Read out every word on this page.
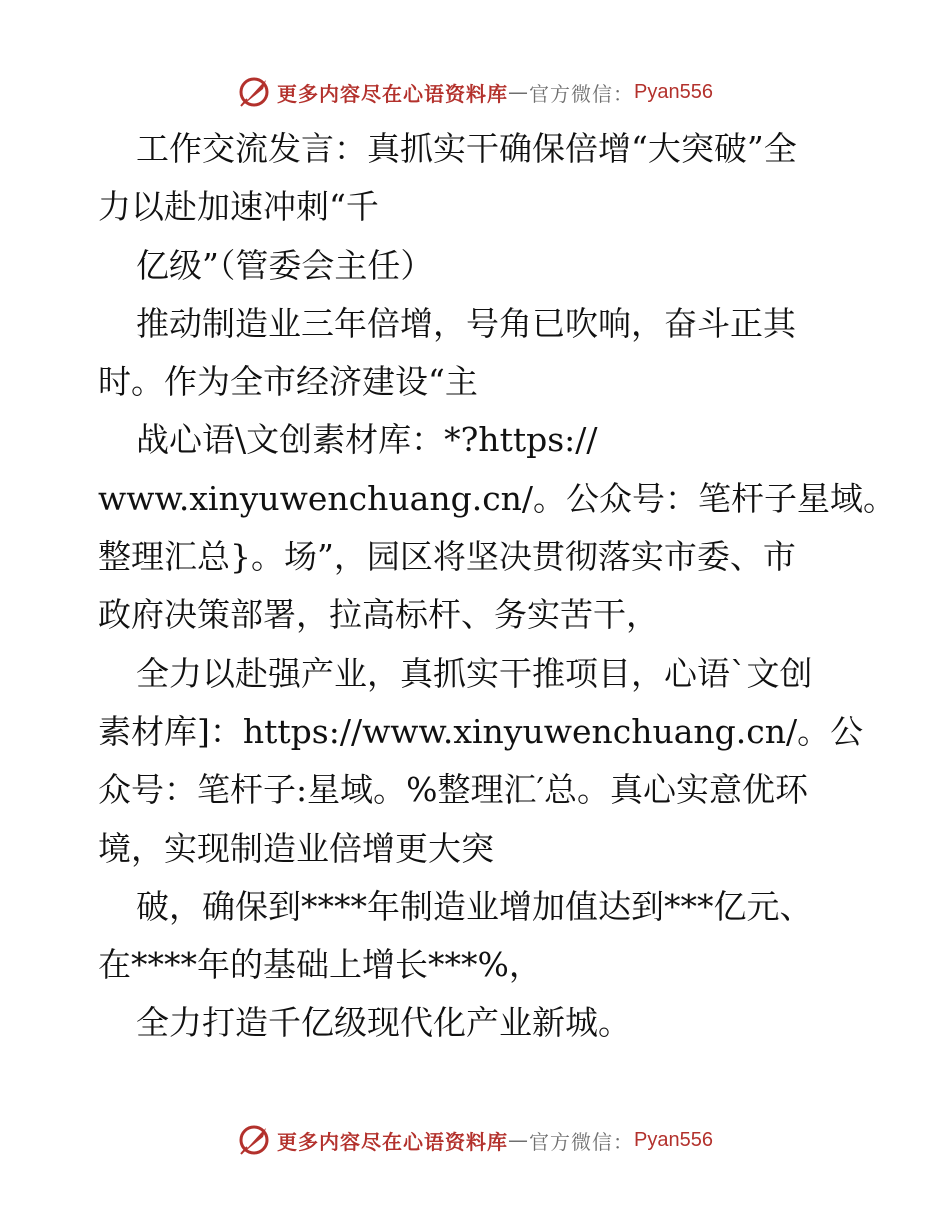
更多内容尽在心语资料库 — 官方微信： Pyan556
工作交流发言：真抓实干确保倍增“大突破”全
力以赴加速冲刺“千
亿级”（管委会主任）
推动制造业三年倍增，号角已吹响，奋斗正其
时。作为全市经济建设“主
战心语\文创素材库：*?https://
www.xinyuwenchuang.cn/。公众号：笔杆子星域。
整理汇总}。场”，园区将坚决贯彻落实市委、市
政府决策部署，拉高标杆、务实苦干，
全力以赴强产业，真抓实干推项目，心语`文创
素材库]：https://www.xinyuwenchuang.cn/。公
众号：笔杆子:星域。%整理汇′总。真心实意优环
境，实现制造业倍增更大突
破，确保到****年制造业增加值达到***亿元、
在****年的基础上增长***%，
全力打造千亿级现代化产业新城。
更多内容尽在心语资料库 — 官方微信： Pyan556
